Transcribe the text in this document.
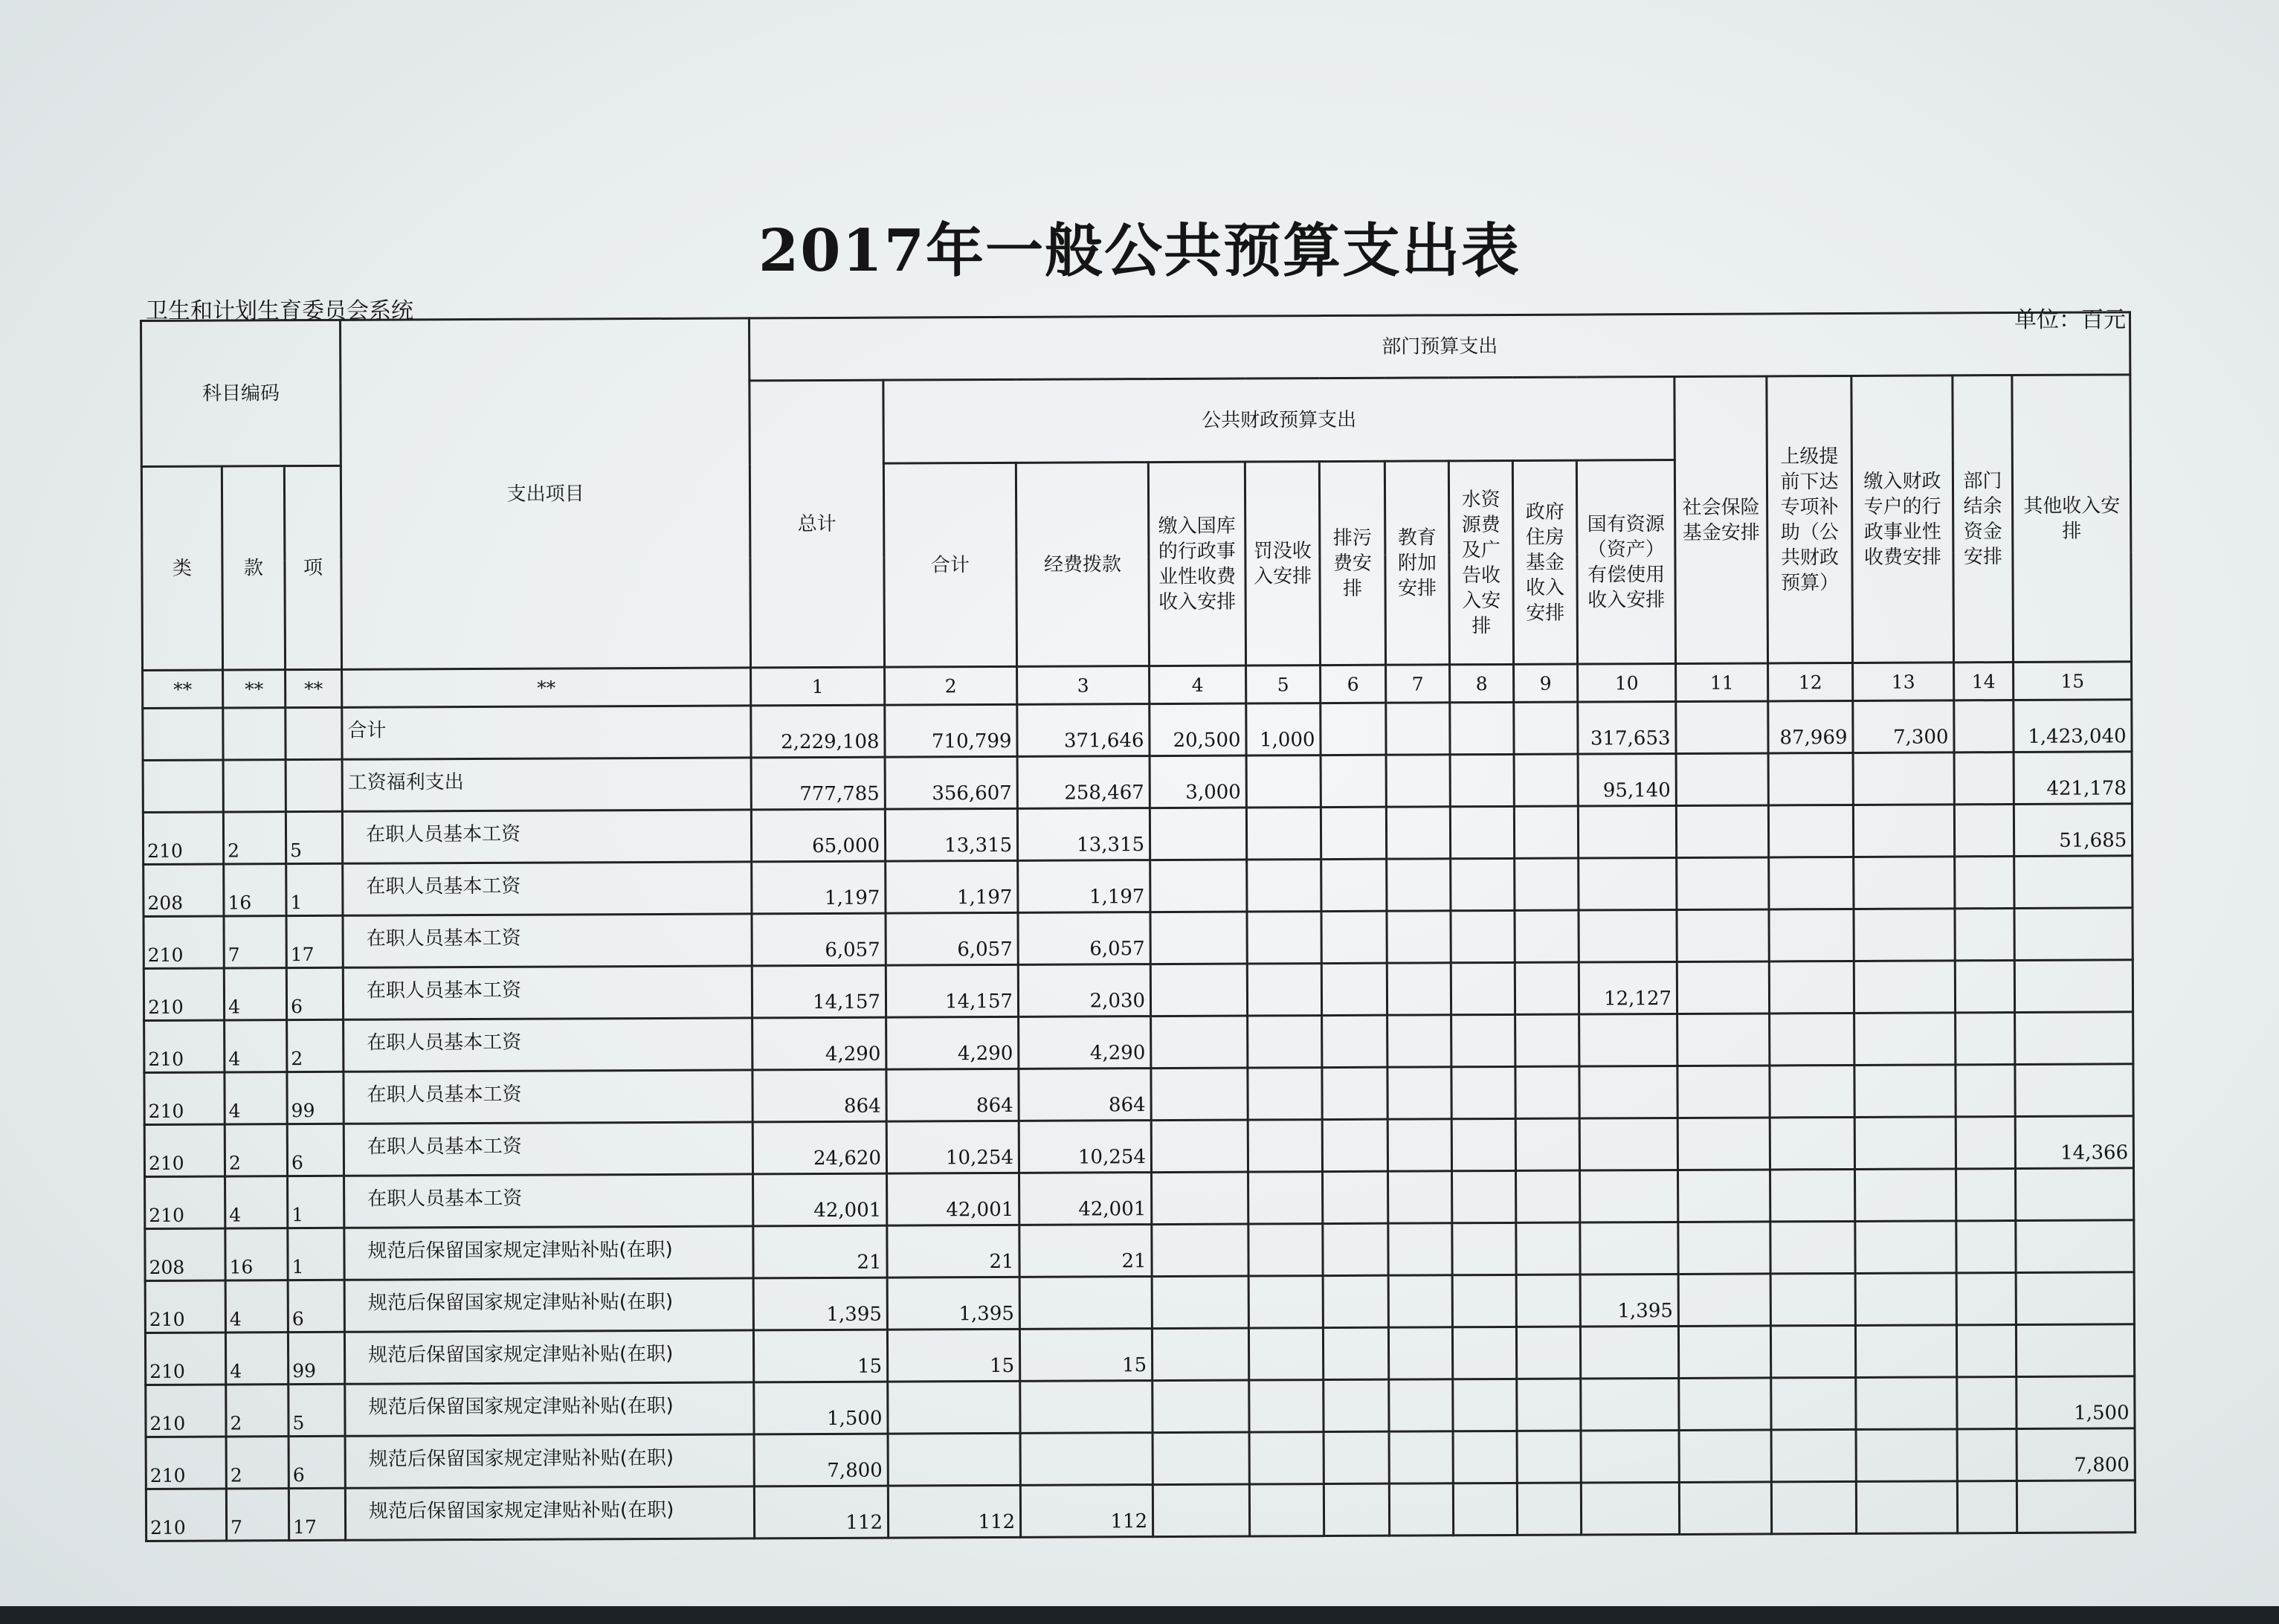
2017年一般公共预算支出表
卫生和计划生育委员会系统	单位：百元
科目编码			支出项目	部门预算支出														
				总计	公共财政预算支出									社会保险基金安排	上级提前下达专项补助（公共财政预算）	缴入财政专户的行政事业性收费安排	部门结余资金安排	其他收入安排
类	款	项			合计	经费拨款	缴入国库的行政事业性收费收入安排	罚没收入安排	排污费安排	教育附加安排	水资源费及广告收入安排	政府住房基金收入安排	国有资源（资产）有偿使用收入安排					

**	**	**	**	1	2	3	4	5	6	7	8	9	10	11	12	13	14	15
			合计	2,229,108	710,799	371,646	20,500	1,000					317,653		87,969	7,300		1,423,040
			工资福利支出	777,785	356,607	258,467	3,000						95,140					421,178
210	2	5	在职人员基本工资	65,000	13,315	13,315												51,685
208	16	1	在职人员基本工资	1,197	1,197	1,197												
210	7	17	在职人员基本工资	6,057	6,057	6,057												
210	4	6	在职人员基本工资	14,157	14,157	2,030							12,127					
210	4	2	在职人员基本工资	4,290	4,290	4,290												
210	4	99	在职人员基本工资	864	864	864												
210	2	6	在职人员基本工资	24,620	10,254	10,254												14,366
210	4	1	在职人员基本工资	42,001	42,001	42,001												
208	16	1	规范后保留国家规定津贴补贴(在职)	21	21	21												
210	4	6	规范后保留国家规定津贴补贴(在职)	1,395	1,395								1,395					
210	4	99	规范后保留国家规定津贴补贴(在职)	15	15	15												
210	2	5	规范后保留国家规定津贴补贴(在职)	1,500														1,500
210	2	6	规范后保留国家规定津贴补贴(在职)	7,800														7,800
210	7	17	规范后保留国家规定津贴补贴(在职)	112	112	112												
